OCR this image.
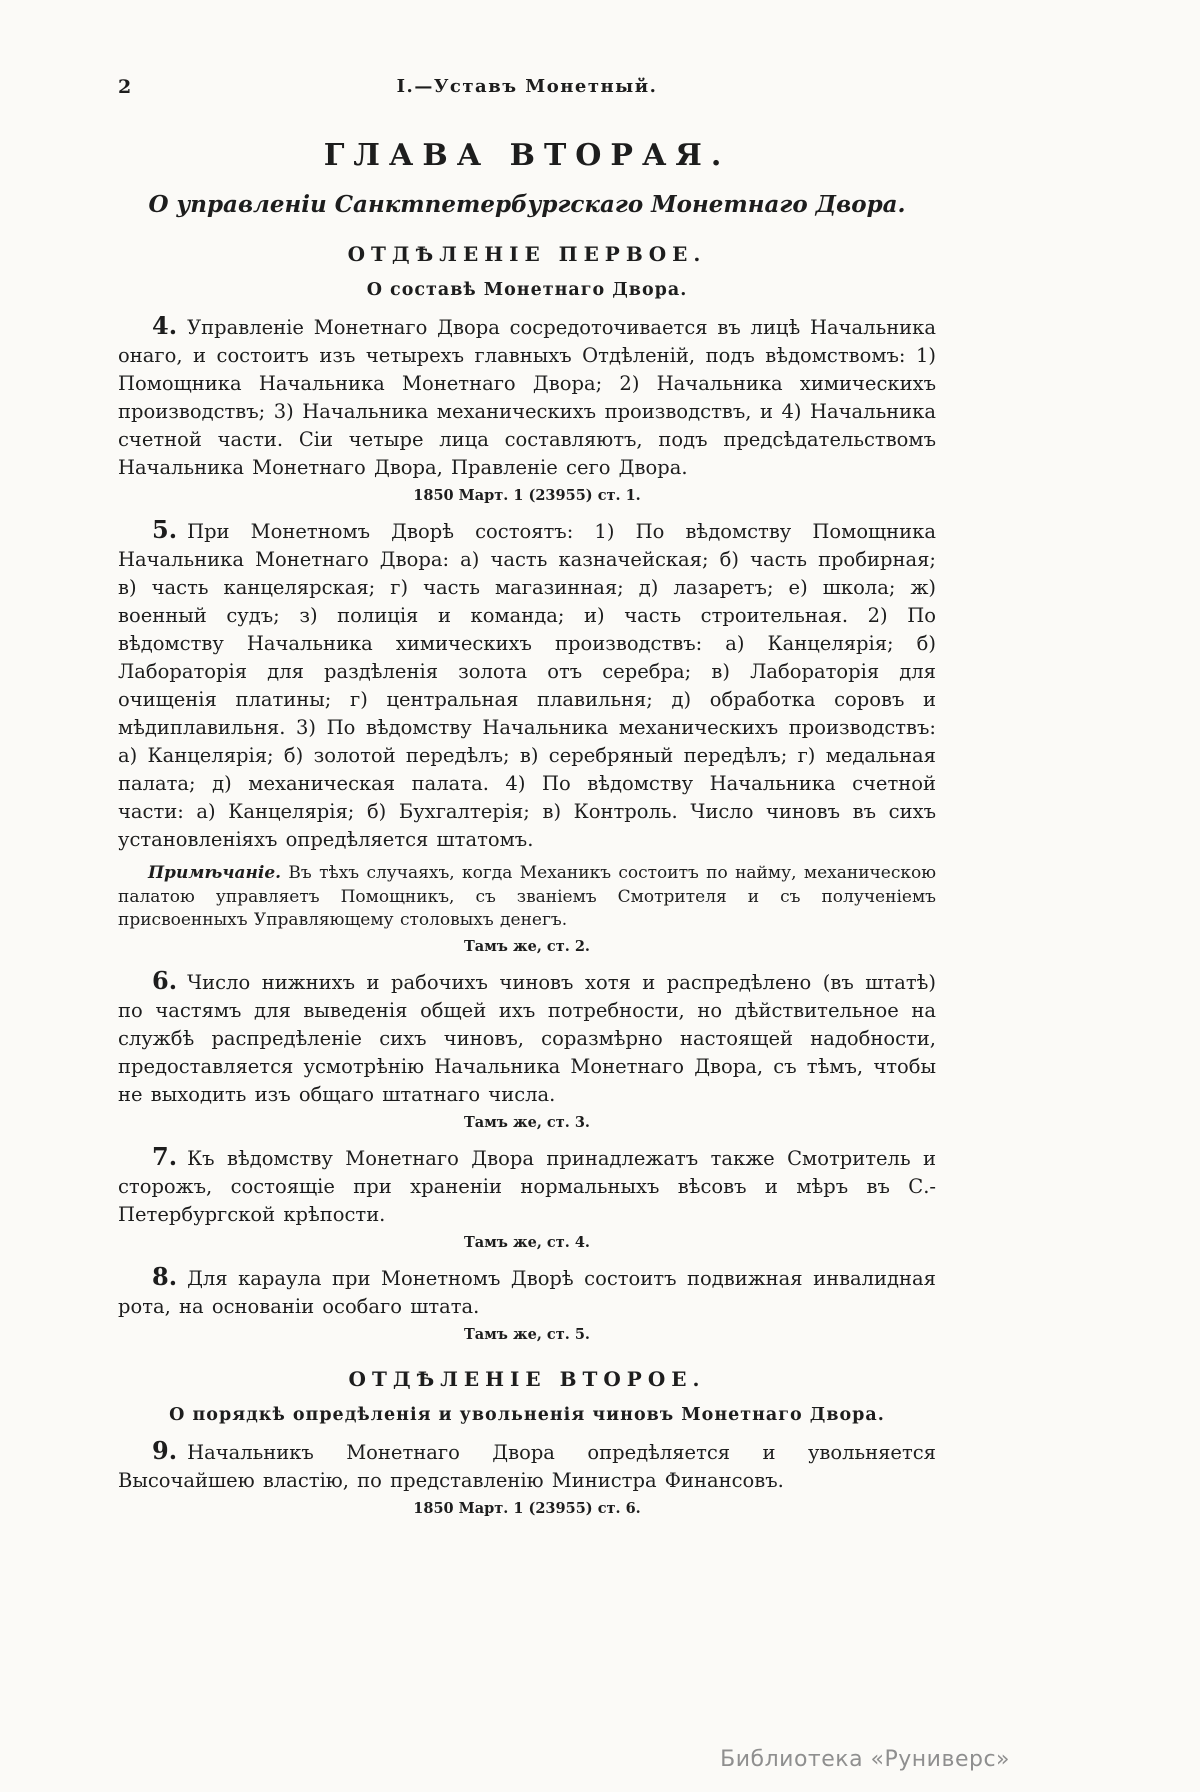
2	I.—Уставъ Монетный.
ГЛАВА ВТОРАЯ.
О управленіи Санктпетербургскаго Монетнаго Двора.
ОТДѢЛЕНІЕ ПЕРВОЕ.
О составѣ Монетнаго Двора.

4. Управленіе Монетнаго Двора сосредоточивается въ лицѣ Начальника онаго, и состоитъ изъ четырехъ главныхъ Отдѣленій, подъ вѣдомствомъ: 1) Помощника Начальника Монетнаго Двора; 2) Начальника химическихъ производствъ; 3) Начальника механическихъ производствъ, и 4) Начальника счетной части. Сіи четыре лица составляютъ, подъ предсѣдательствомъ Начальника Монетнаго Двора, Правленіе сего Двора.

1850 Март. 1 (23955) ст. 1.

5. При Монетномъ Дворѣ состоятъ: 1) По вѣдомству Помощника Начальника Монетнаго Двора: а) часть казначейская; б) часть пробирная; в) часть канцелярская; г) часть магазинная; д) лазаретъ; е) школа; ж) военный судъ; з) полиція и команда; и) часть строительная. 2) По вѣдомству Начальника химическихъ производствъ: а) Канцелярія; б) Лабораторія для раздѣленія золота отъ серебра; в) Лабораторія для очищенія платины; г) центральная плавильня; д) обработка соровъ и мѣдиплавильня. 3) По вѣдомству Начальника механическихъ производствъ: а) Канцелярія; б) золотой передѣлъ; в) серебряный передѣлъ; г) медальная палата; д) механическая палата. 4) По вѣдомству Начальника счетной части: а) Канцелярія; б) Бухгалтерія; в) Контроль. Число чиновъ въ сихъ установленіяхъ опредѣляется штатомъ.

Примѣчаніе. Въ тѣхъ случаяхъ, когда Механикъ состоитъ по найму, механическою палатою управляетъ Помощникъ, съ званіемъ Смотрителя и съ полученіемъ присвоенныхъ Управляющему столовыхъ денегъ.
Тамъ же, ст. 2.

6. Число нижнихъ и рабочихъ чиновъ хотя и распредѣлено (въ штатѣ) по частямъ для выведенія общей ихъ потребности, но дѣйствительное на службѣ распредѣленіе сихъ чиновъ, соразмѣрно настоящей надобности, предоставляется усмотрѣнію Начальника Монетнаго Двора, съ тѣмъ, чтобы не выходить изъ общаго штатнаго числа.

Тамъ же, ст. 3.

7. Къ вѣдомству Монетнаго Двора принадлежатъ также Смотритель и сторожъ, состоящіе при храненіи нормальныхъ вѣсовъ и мѣръ въ С.-Петербургской крѣпости.

Тамъ же, ст. 4.

8. Для караула при Монетномъ Дворѣ состоитъ подвижная инвалидная рота, на основаніи особаго штата.

Тамъ же, ст. 5.
ОТДѢЛЕНІЕ ВТОРОЕ.
О порядкѣ опредѣленія и увольненія чиновъ Монетнаго Двора.

9. Начальникъ Монетнаго Двора опредѣляется и увольняется Высочайшею властію, по представленію Министра Финансовъ.

1850 Март. 1 (23955) ст. 6.
Библиотека «Руниверс»
